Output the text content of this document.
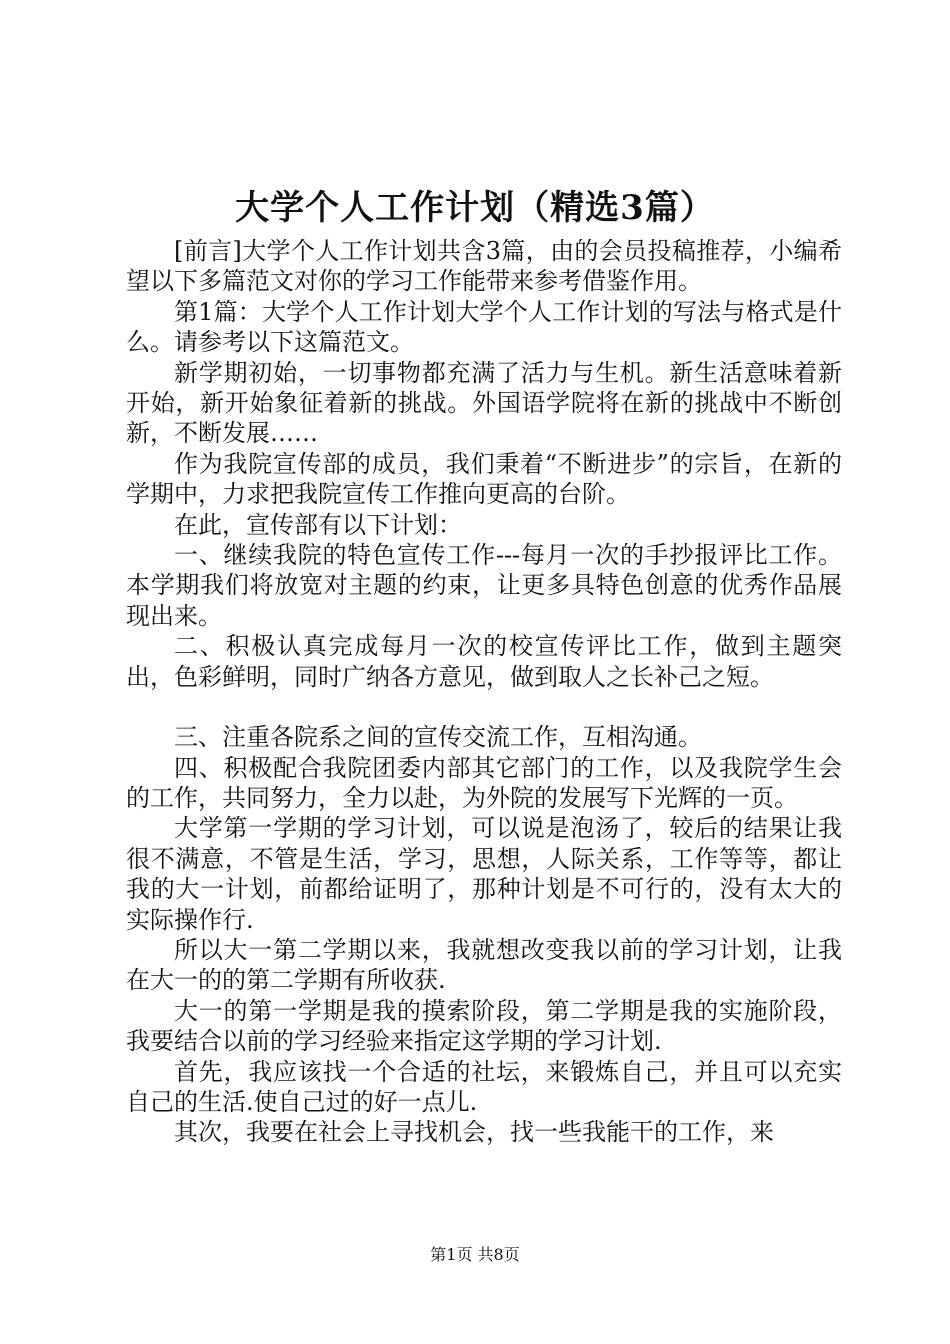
大学个人工作计划（精选3篇）

[前言]大学个人工作计划共含3篇，由的会员投稿推荐，小编希望以下多篇范文对你的学习工作能带来参考借鉴作用。

第1篇：大学个人工作计划大学个人工作计划的写法与格式是什么。请参考以下这篇范文。

新学期初始，一切事物都充满了活力与生机。新生活意味着新开始，新开始象征着新的挑战。外国语学院将在新的挑战中不断创新，不断发展……

作为我院宣传部的成员，我们秉着“不断进步”的宗旨，在新的学期中，力求把我院宣传工作推向更高的台阶。

在此，宣传部有以下计划：

一、继续我院的特色宣传工作---每月一次的手抄报评比工作。本学期我们将放宽对主题的约束，让更多具特色创意的优秀作品展现出来。

二、积极认真完成每月一次的校宣传评比工作，做到主题突出，色彩鲜明，同时广纳各方意见，做到取人之长补己之短。

三、注重各院系之间的宣传交流工作，互相沟通。

四、积极配合我院团委内部其它部门的工作，以及我院学生会的工作，共同努力，全力以赴，为外院的发展写下光辉的一页。

大学第一学期的学习计划，可以说是泡汤了，较后的结果让我很不满意，不管是生活，学习，思想，人际关系，工作等等，都让我的大一计划，前都给证明了，那种计划是不可行的，没有太大的实际操作行.

所以大一第二学期以来，我就想改变我以前的学习计划，让我在大一的的第二学期有所收获.

大一的第一学期是我的摸索阶段，第二学期是我的实施阶段，我要结合以前的学习经验来指定这学期的学习计划.

首先，我应该找一个合适的社坛，来锻炼自己，并且可以充实自己的生活.使自己过的好一点儿.

其次，我要在社会上寻找机会，找一些我能干的工作，来

第1页 共8页
